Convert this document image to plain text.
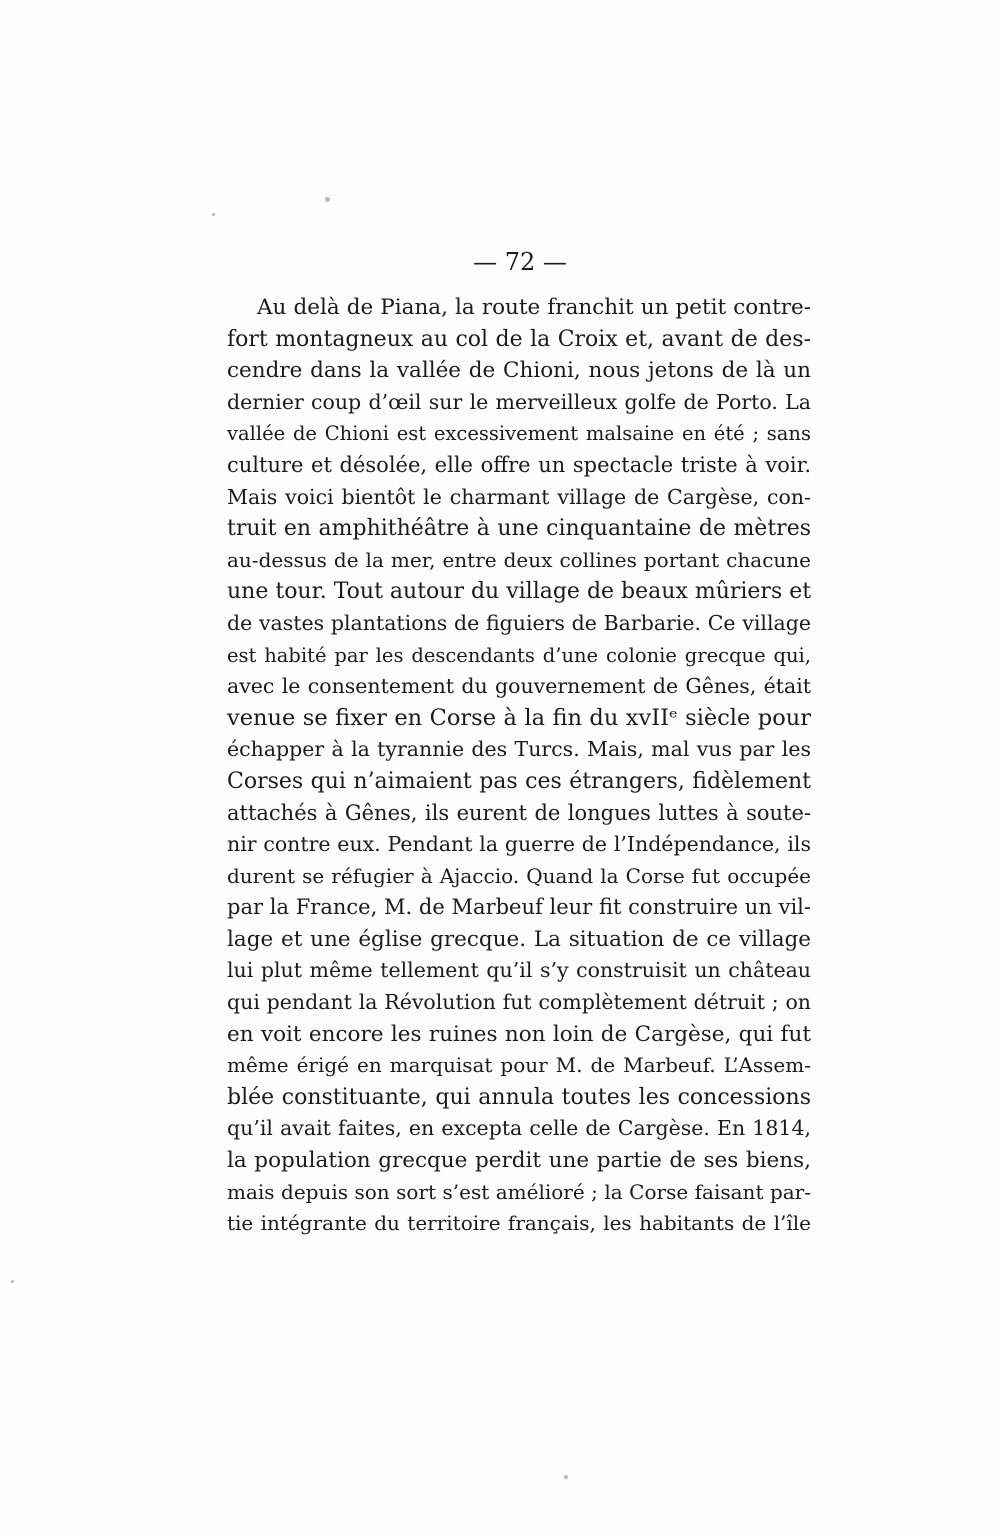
— 72 —
Au delà de Piana, la route franchit un petit contre-
fort montagneux au col de la Croix et, avant de des-
cendre dans la vallée de Chioni, nous jetons de là un
dernier coup d’œil sur le merveilleux golfe de Porto. La
vallée de Chioni est excessivement malsaine en été ; sans
culture et désolée, elle offre un spectacle triste à voir.
Mais voici bientôt le charmant village de Cargèse, con-
truit en amphithéâtre à une cinquantaine de mètres
au-dessus de la mer, entre deux collines portant chacune
une tour. Tout autour du village de beaux mûriers et
de vastes plantations de figuiers de Barbarie. Ce village
est habité par les descendants d’une colonie grecque qui,
avec le consentement du gouvernement de Gênes, était
venue se fixer en Corse à la fin du xvIIᵉ siècle pour
échapper à la tyrannie des Turcs. Mais, mal vus par les
Corses qui n’aimaient pas ces étrangers, fidèlement
attachés à Gênes, ils eurent de longues luttes à soute-
nir contre eux. Pendant la guerre de l’Indépendance, ils
durent se réfugier à Ajaccio. Quand la Corse fut occupée
par la France, M. de Marbeuf leur fit construire un vil-
lage et une église grecque. La situation de ce village
lui plut même tellement qu’il s’y construisit un château
qui pendant la Révolution fut complètement détruit ; on
en voit encore les ruines non loin de Cargèse, qui fut
même érigé en marquisat pour M. de Marbeuf. L’Assem-
blée constituante, qui annula toutes les concessions
qu’il avait faites, en excepta celle de Cargèse. En 1814,
la population grecque perdit une partie de ses biens,
mais depuis son sort s’est amélioré ; la Corse faisant par-
tie intégrante du territoire français, les habitants de l’île
